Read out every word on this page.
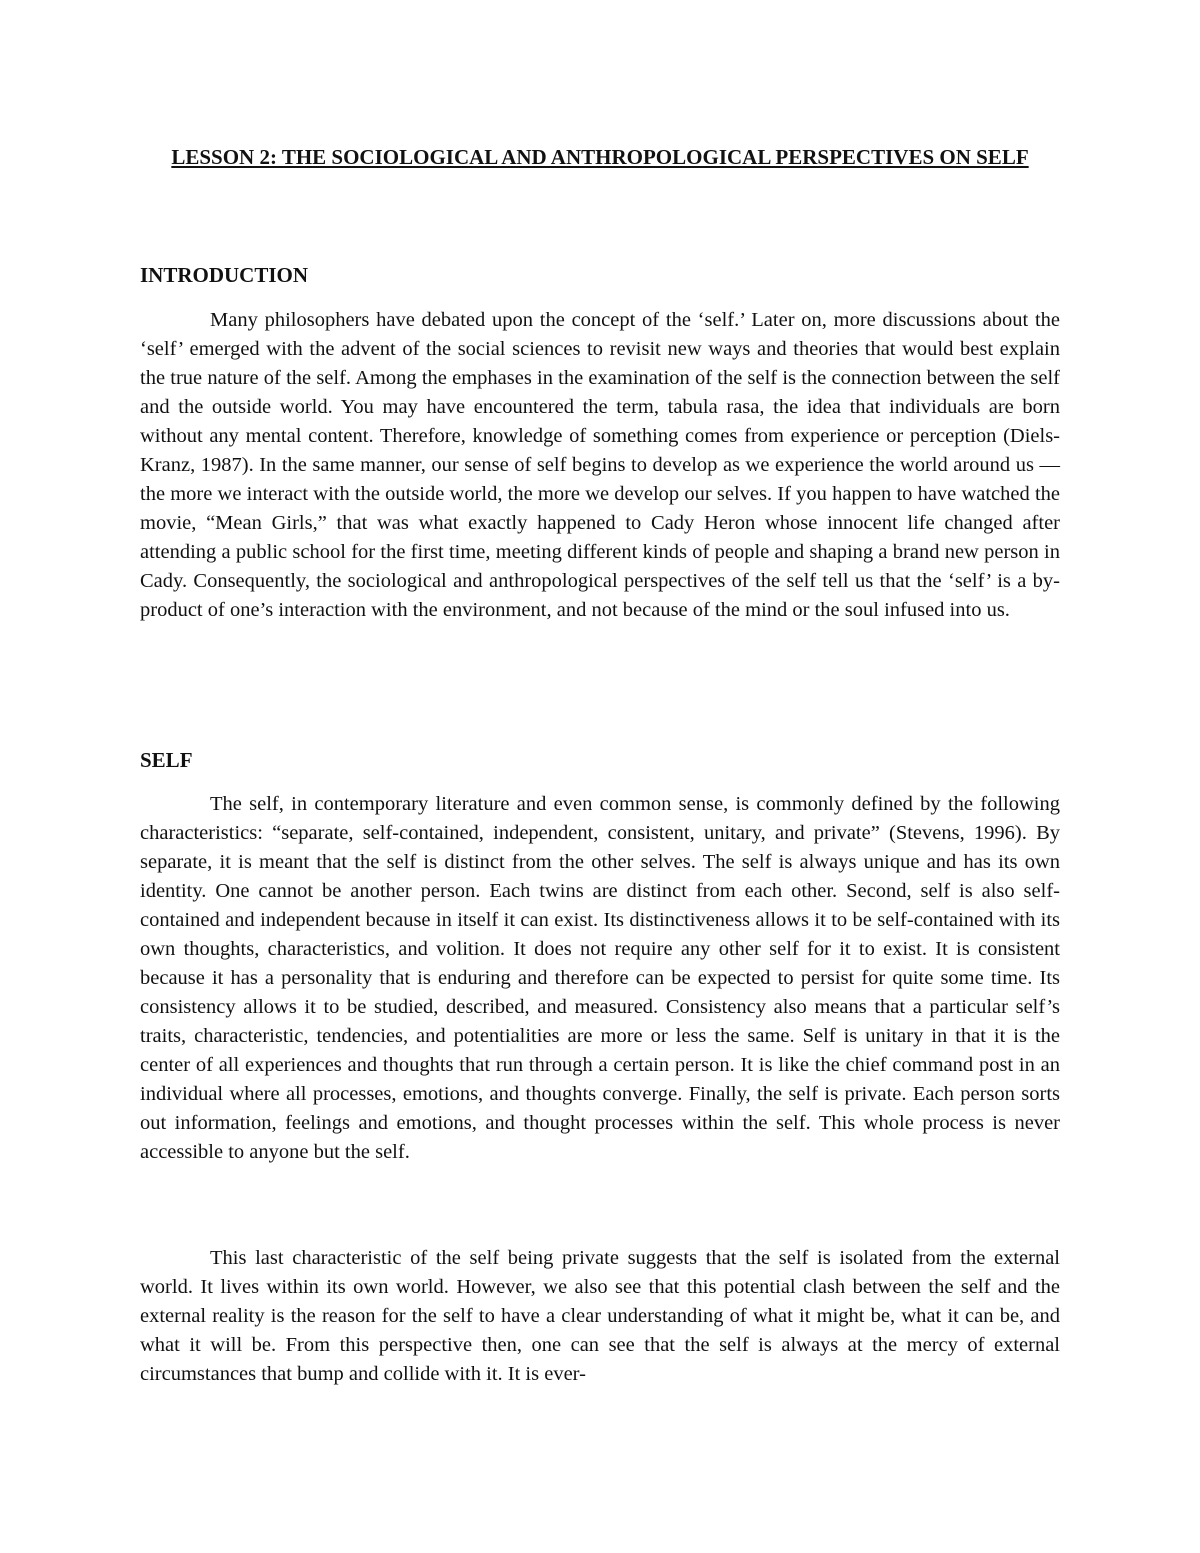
LESSON 2: THE SOCIOLOGICAL AND ANTHROPOLOGICAL PERSPECTIVES ON SELF
INTRODUCTION

Many philosophers have debated upon the concept of the ‘self.’ Later on, more discussions about the ‘self’ emerged with the advent of the social sciences to revisit new ways and theories that would best explain the true nature of the self. Among the emphases in the examination of the self is the connection between the self and the outside world. You may have encountered the term, tabula rasa, the idea that individuals are born without any mental content. Therefore, knowledge of something comes from experience or perception (Diels-Kranz, 1987). In the same manner, our sense of self begins to develop as we experience the world around us — the more we interact with the outside world, the more we develop our selves. If you happen to have watched the movie, “Mean Girls,” that was what exactly happened to Cady Heron whose innocent life changed after attending a public school for the first time, meeting different kinds of people and shaping a brand new person in Cady. Consequently, the sociological and anthropological perspectives of the self tell us that the ‘self’ is a by-product of one’s interaction with the environment, and not because of the mind or the soul infused into us.

SELF

The self, in contemporary literature and even common sense, is commonly defined by the following characteristics: “separate, self-contained, independent, consistent, unitary, and private” (Stevens, 1996). By separate, it is meant that the self is distinct from the other selves. The self is always unique and has its own identity. One cannot be another person. Each twins are distinct from each other. Second, self is also self-contained and independent because in itself it can exist. Its distinctiveness allows it to be self-contained with its own thoughts, characteristics, and volition. It does not require any other self for it to exist. It is consistent because it has a personality that is enduring and therefore can be expected to persist for quite some time. Its consistency allows it to be studied, described, and measured. Consistency also means that a particular self’s traits, characteristic, tendencies, and potentialities are more or less the same. Self is unitary in that it is the center of all experiences and thoughts that run through a certain person. It is like the chief command post in an individual where all processes, emotions, and thoughts converge. Finally, the self is private. Each person sorts out information, feelings and emotions, and thought processes within the self. This whole process is never accessible to anyone but the self.

This last characteristic of the self being private suggests that the self is isolated from the external world. It lives within its own world. However, we also see that this potential clash between the self and the external reality is the reason for the self to have a clear understanding of what it might be, what it can be, and what it will be. From this perspective then, one can see that the self is always at the mercy of external circumstances that bump and collide with it. It is ever-
